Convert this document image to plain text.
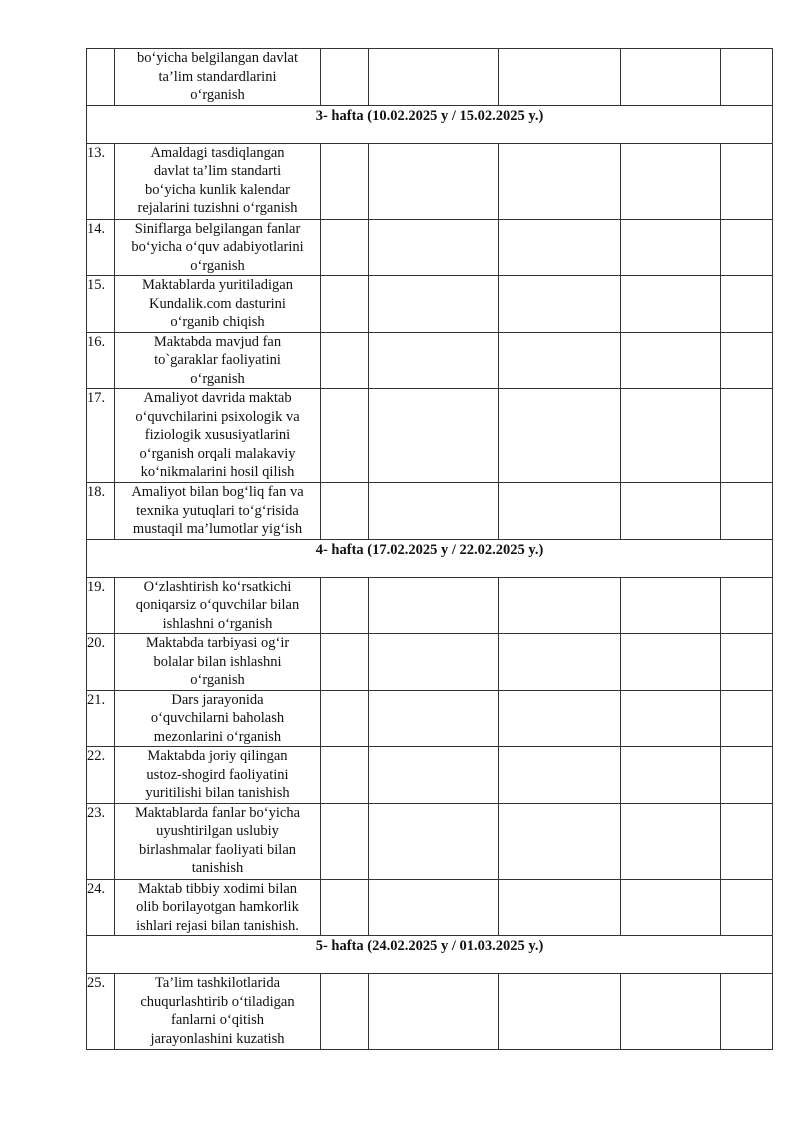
	bo‘yicha belgilangan davlat
ta’lim standardlarini
o‘rganish					

3- hafta (10.02.2025 y / 15.02.2025 y.)						
13.	Amaldagi tasdiqlangan
davlat ta’lim standarti
bo‘yicha kunlik kalendar
rejalarini tuzishni o‘rganish					

14.	Siniflarga belgilangan fanlar
bo‘yicha o‘quv adabiyotlarini
o‘rganish					

15.	Maktablarda yuritiladigan
Kundalik.com dasturini
o‘rganib chiqish					

16.	Maktabda mavjud fan
to`garaklar faoliyatini
o‘rganish					

17.	Amaliyot davrida maktab
o‘quvchilarini psixologik va
fiziologik xususiyatlarini
o‘rganish orqali malakaviy
ko‘nikmalarini hosil qilish					

18.	Amaliyot bilan bog‘liq fan va
texnika yutuqlari to‘g‘risida
mustaqil ma’lumotlar yig‘ish					

4- hafta (17.02.2025 y / 22.02.2025 y.)						
19.	O‘zlashtirish ko‘rsatkichi
qoniqarsiz o‘quvchilar bilan
ishlashni o‘rganish					

20.	Maktabda tarbiyasi og‘ir
bolalar bilan ishlashni
o‘rganish					

21.	Dars jarayonida
o‘quvchilarni baholash
mezonlarini o‘rganish					

22.	Maktabda joriy qilingan
ustoz-shogird faoliyatini
yuritilishi bilan tanishish					

23.	Maktablarda fanlar bo‘yicha
uyushtirilgan uslubiy
birlashmalar faoliyati bilan
tanishish					

24.	Maktab tibbiy xodimi bilan
olib borilayotgan hamkorlik
ishlari rejasi bilan tanishish.					

5- hafta (24.02.2025 y / 01.03.2025 y.)						
25.	Ta’lim tashkilotlarida
chuqurlashtirib o‘tiladigan
fanlarni o‘qitish
jarayonlashini kuzatish					
